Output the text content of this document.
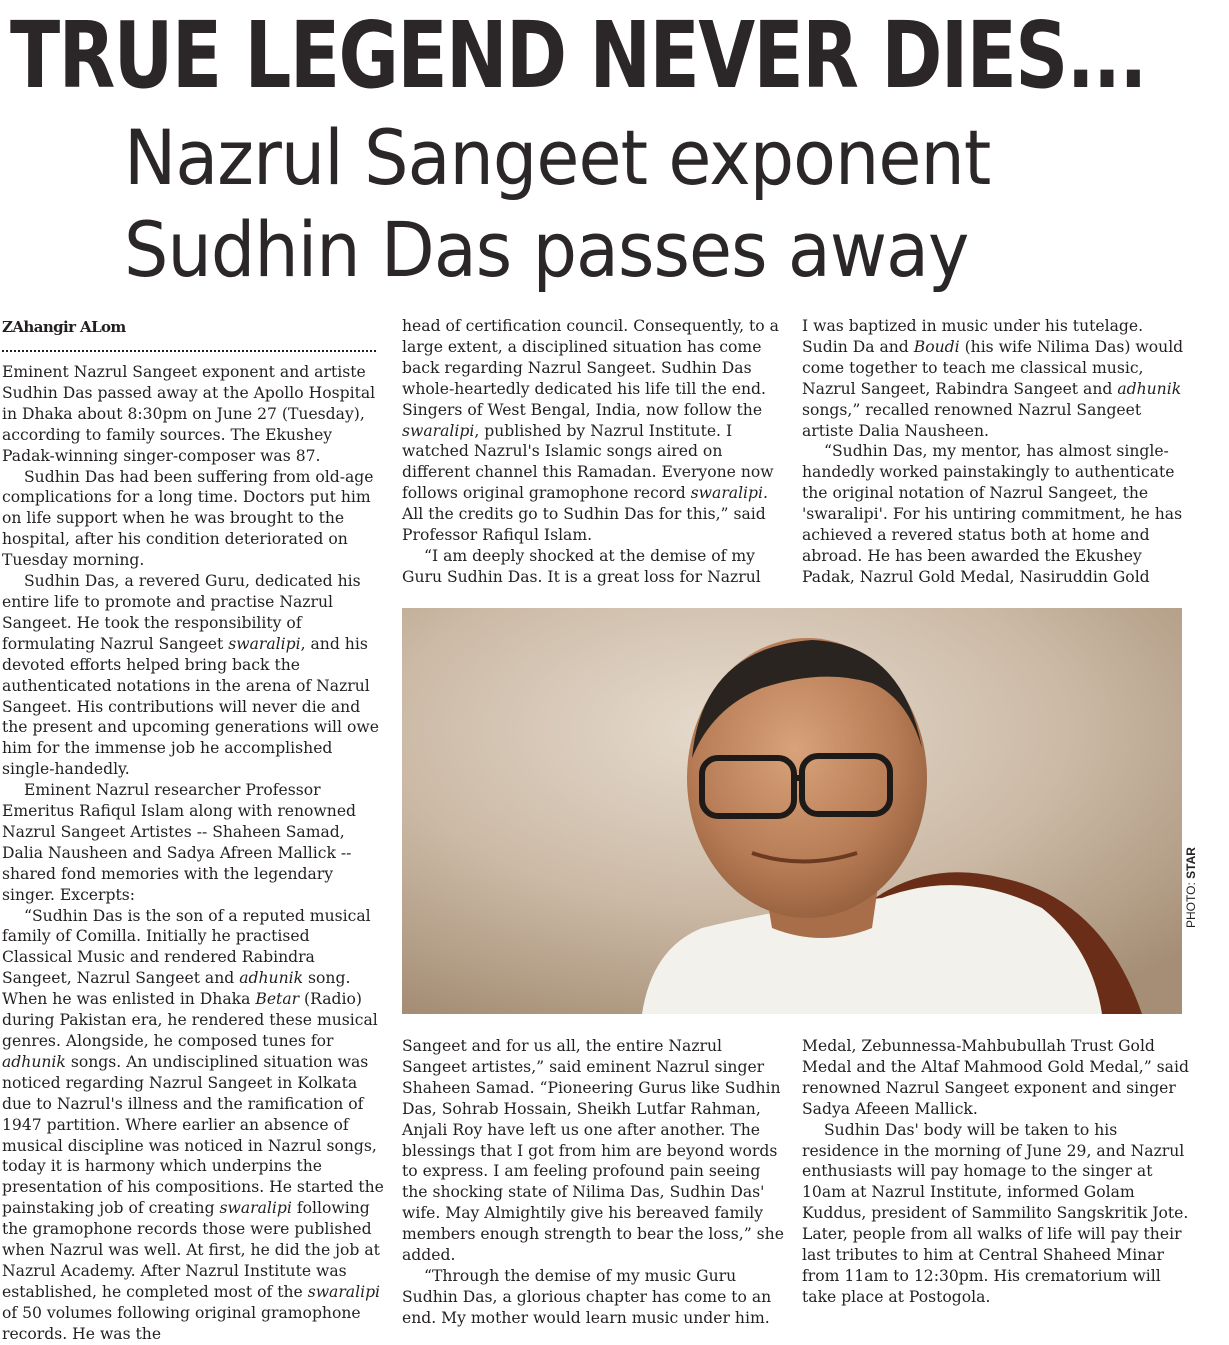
TRUE LEGEND NEVER DIES...
Nazrul Sangeet exponent
Sudhin Das passes away
ZAhangir ALom

Eminent Nazrul Sangeet exponent and artiste Sudhin Das passed away at the Apollo Hospital in Dhaka about 8:30pm on June 27 (Tuesday), according to family sources. The Ekushey Padak-winning singer-composer was 87.

Sudhin Das had been suffering from old-age complications for a long time. Doctors put him on life support when he was brought to the hospital, after his condition deteriorated on Tuesday morning.

Sudhin Das, a revered Guru, dedicated his entire life to promote and practise Nazrul Sangeet. He took the responsibility of formulating Nazrul Sangeet swaralipi, and his devoted efforts helped bring back the authenticated notations in the arena of Nazrul Sangeet. His contributions will never die and the present and upcoming generations will owe him for the immense job he accomplished single-handedly.

Eminent Nazrul researcher Professor Emeritus Rafiqul Islam along with renowned Nazrul Sangeet Artistes -- Shaheen Samad, Dalia Nausheen and Sadya Afreen Mallick -- shared fond memories with the legendary singer. Excerpts:

“Sudhin Das is the son of a reputed musical family of Comilla. Initially he practised Classical Music and rendered Rabindra Sangeet, Nazrul Sangeet and adhunik song. When he was enlisted in Dhaka Betar (Radio) during Pakistan era, he rendered these musical genres. Alongside, he composed tunes for adhunik songs. An undisciplined situation was noticed regarding Nazrul Sangeet in Kolkata due to Nazrul's illness and the ramification of 1947 partition. Where earlier an absence of musical discipline was noticed in Nazrul songs, today it is harmony which underpins the presentation of his compositions. He started the painstaking job of creating swaralipi following the gramophone records those were published when Nazrul was well. At first, he did the job at Nazrul Academy. After Nazrul Institute was established, he completed most of the swaralipi of 50 volumes following original gramophone records. He was the

head of certification council. Consequently, to a large extent, a disciplined situation has come back regarding Nazrul Sangeet. Sudhin Das whole-heartedly dedicated his life till the end. Singers of West Bengal, India, now follow the swaralipi, published by Nazrul Institute. I watched Nazrul's Islamic songs aired on different channel this Ramadan. Everyone now follows original gramophone record swaralipi. All the credits go to Sudhin Das for this,” said Professor Rafiqul Islam.

“I am deeply shocked at the demise of my Guru Sudhin Das. It is a great loss for Nazrul

I was baptized in music under his tutelage. Sudin Da and Boudi (his wife Nilima Das) would come together to teach me classical music, Nazrul Sangeet, Rabindra Sangeet and adhunik songs,” recalled renowned Nazrul Sangeet artiste Dalia Nausheen.

“Sudhin Das, my mentor, has almost single-handedly worked painstakingly to authenticate the original notation of Nazrul Sangeet, the 'swaralipi'. For his untiring commitment, he has achieved a revered status both at home and abroad. He has been awarded the Ekushey Padak, Nazrul Gold Medal, Nasiruddin Gold

PHOTO: STAR

Sangeet and for us all, the entire Nazrul Sangeet artistes,” said eminent Nazrul singer Shaheen Samad. “Pioneering Gurus like Sudhin Das, Sohrab Hossain, Sheikh Lutfar Rahman, Anjali Roy have left us one after another. The blessings that I got from him are beyond words to express. I am feeling profound pain seeing the shocking state of Nilima Das, Sudhin Das' wife. May Almightily give his bereaved family members enough strength to bear the loss,” she added.

“Through the demise of my music Guru Sudhin Das, a glorious chapter has come to an end. My mother would learn music under him.

Medal, Zebunnessa-Mahbubullah Trust Gold Medal and the Altaf Mahmood Gold Medal,” said renowned Nazrul Sangeet exponent and singer Sadya Afeeen Mallick.

Sudhin Das' body will be taken to his residence in the morning of June 29, and Nazrul enthusiasts will pay homage to the singer at 10am at Nazrul Institute, informed Golam Kuddus, president of Sammilito Sangskritik Jote. Later, people from all walks of life will pay their last tributes to him at Central Shaheed Minar from 11am to 12:30pm. His crematorium will take place at Postogola.
